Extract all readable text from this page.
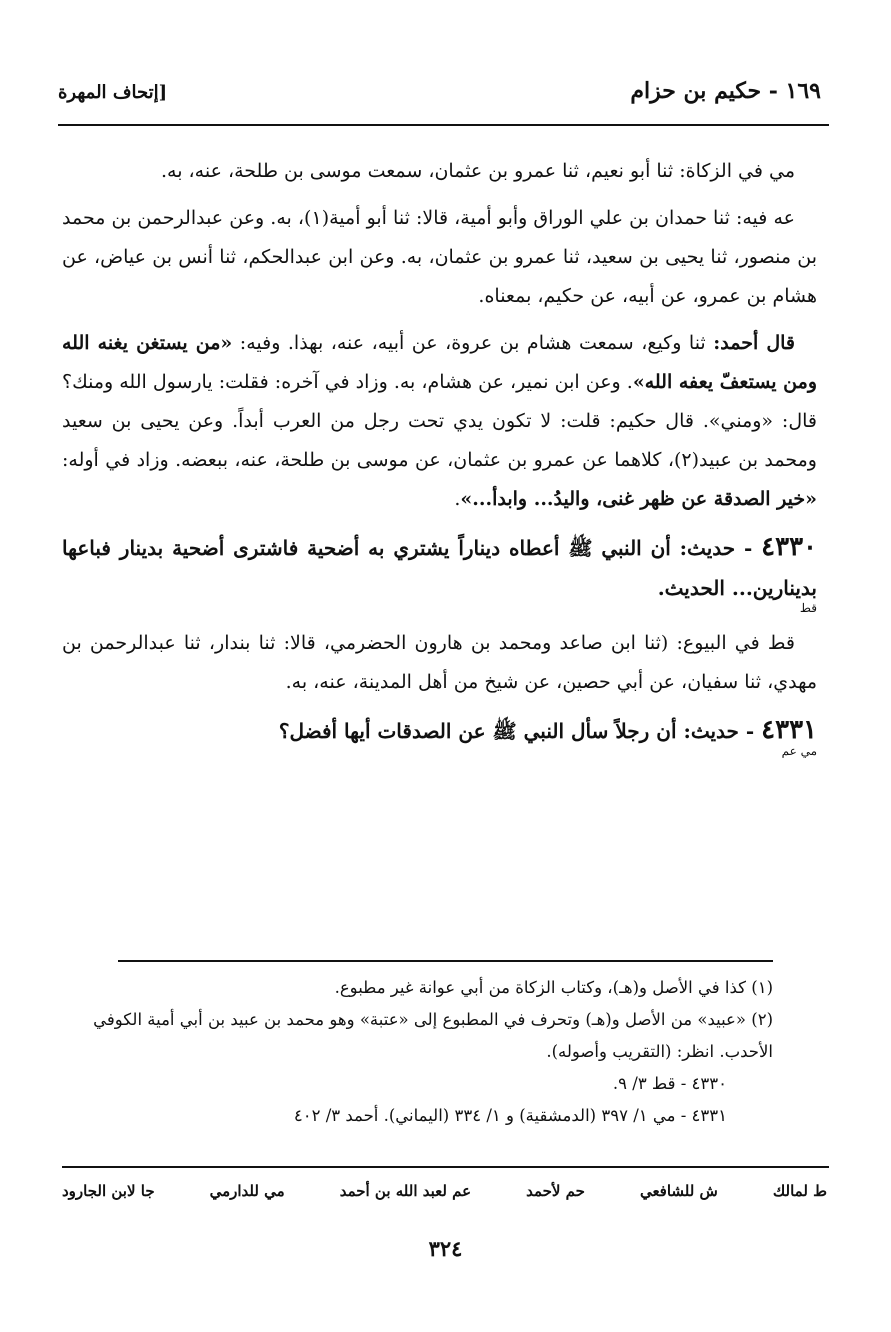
١٦٩ - حكيم بن حزام
[إتحاف المهرة

مي في الزكاة: ثنا أبو نعيم، ثنا عمرو بن عثمان، سمعت موسى بن طلحة، عنه، به.

عه فيه: ثنا حمدان بن علي الوراق وأبو أمية، قالا: ثنا أبو أمية(١)، به. وعن عبدالرحمن بن محمد بن منصور، ثنا يحيى بن سعيد، ثنا عمرو بن عثمان، به. وعن ابن عبدالحكم، ثنا أنس بن عياض، عن هشام بن عمرو، عن أبيه، عن حكيم، بمعناه.

قال أحمد: ثنا وكيع، سمعت هشام بن عروة، عن أبيه، عنه، بهذا. وفيه: «من يستغن يغنه الله ومن يستعفّ يعفه الله». وعن ابن نمير، عن هشام، به. وزاد في آخره: فقلت: يارسول الله ومنك؟ قال: «ومني». قال حكيم: قلت: لا تكون يدي تحت رجل من العرب أبداً. وعن يحيى بن سعيد ومحمد بن عبيد(٢)، كلاهما عن عمرو بن عثمان، عن موسى بن طلحة، عنه، ببعضه. وزاد في أوله: «خير الصدقة عن ظهر غنى، واليدُ... وابدأ...».

٤٣٣٠ - حديث: أن النبي ﷺ أعطاه ديناراً يشتري به أضحية فاشترى أضحية بدينار فباعها بدينارين... الحديث.
قط

قط في البيوع: (ثنا ابن صاعد ومحمد بن هارون الحضرمي، قالا: ثنا بندار، ثنا عبدالرحمن بن مهدي، ثنا سفيان، عن أبي حصين، عن شيخ من أهل المدينة، عنه، به.

٤٣٣١ - حديث: أن رجلاً سأل النبي ﷺ عن الصدقات أيها أفضل؟
مي عم

(١) كذا في الأصل و(هـ)، وكتاب الزكاة من أبي عوانة غير مطبوع.

(٢) «عبيد» من الأصل و(هـ) وتحرف في المطبوع إلى «عتبة» وهو محمد بن عبيد بن أبي أمية الكوفي الأحدب. انظر: (التقريب وأصوله).

٤٣٣٠ - قط ٣/ ٩.

٤٣٣١ - مي ١/ ٣٩٧ (الدمشقية) و ١/ ٣٣٤ (اليماني). أحمد ٣/ ٤٠٢

ط لمالك
ش للشافعي
حم لأحمد
عم لعبد الله بن أحمد
مي للدارمي
جا لابن الجارود
٣٢٤
